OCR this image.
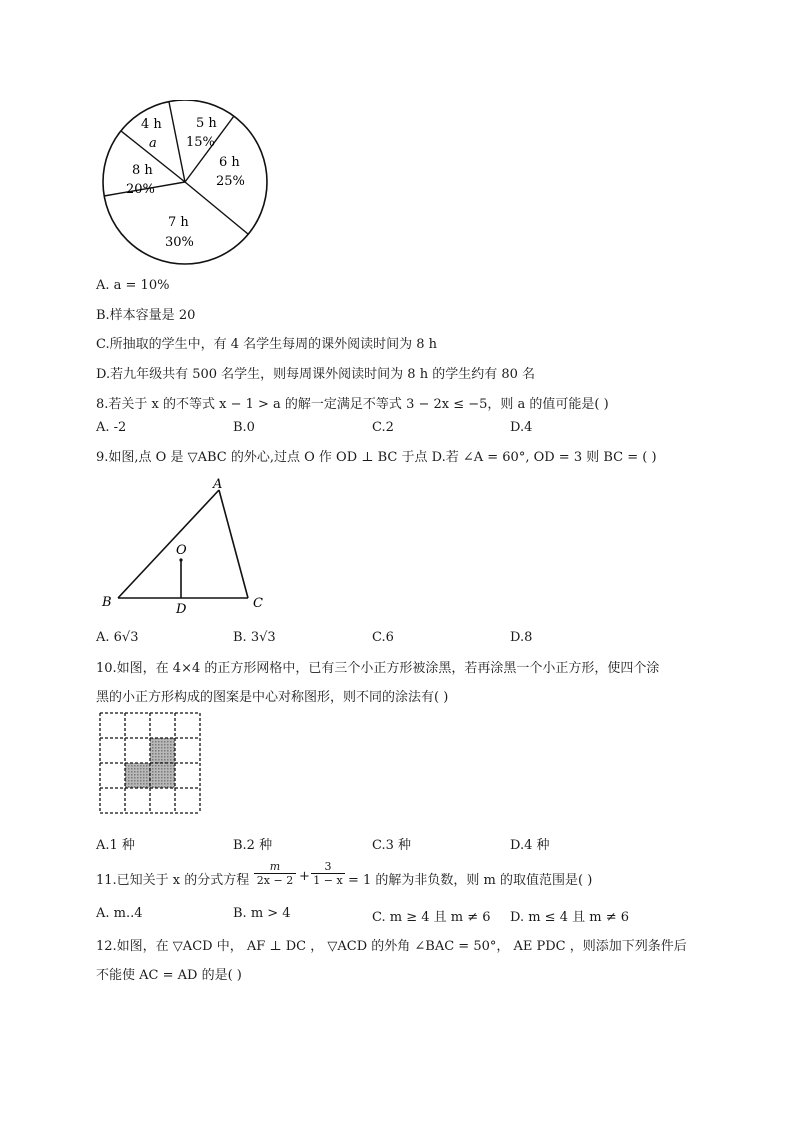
4 h
a
5 h
15%
6 h
25%
8 h
20%
7 h
30%
A. a = 10%
B.样本容量是 20
C.所抽取的学生中，有 4 名学生每周的课外阅读时间为 8 h
D.若九年级共有 500 名学生，则每周课外阅读时间为 8 h 的学生约有 80 名
8.若关于 x 的不等式 x − 1 > a 的解一定满足不等式 3 − 2x ≤ −5，则 a 的值可能是( )
A. -2	B.0	C.2	D.4
9.如图,点 O 是 ▽ABC 的外心,过点 O 作 OD ⊥ BC 于点 D.若 ∠A = 60°, OD = 3 则 BC = ( )
A
B	C
O
D
A. 6√3	B. 3√3	C.6	D.8
10.如图，在 4×4 的正方形网格中，已有三个小正方形被涂黑，若再涂黑一个小正方形，使四个涂
黑的小正方形构成的图案是中心对称图形，则不同的涂法有( )
A.1 种	B.2 种	C.3 种	D.4 种
11.已知关于 x 的分式方程
m
2x − 2 +
3
1 − x = 1 的解为非负数，则 m 的取值范围是( )
A. m..4	B. m > 4	C. m ≥ 4 且 m ≠ 6 D. m ≤ 4 且 m ≠ 6
12.如图，在 ▽ACD 中， AF ⊥ DC ， ▽ACD 的外角 ∠BAC = 50°， AE PDC ，则添加下列条件后
不能使 AC = AD 的是( )
